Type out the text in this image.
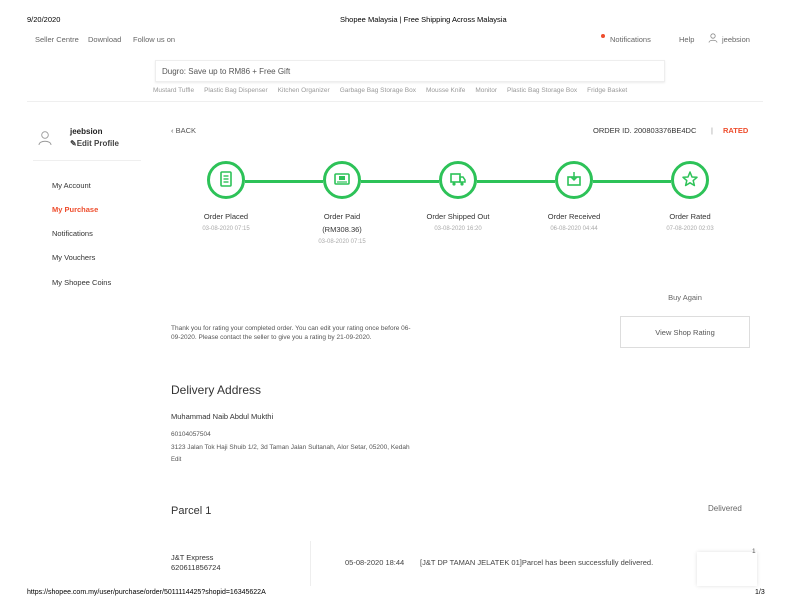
9/20/2020	Shopee Malaysia | Free Shipping Across Malaysia
Seller Centre Download Follow us on	Notifications	Help	jeebsion
Dugro: Save up to RM86 + Free Gift
Mustard Tuffle Plastic Bag Dispenser Kitchen Organizer Garbage Bag Storage Box Mousse Knife Monitor Plastic Bag Storage Box Fridge Basket
jeebsion
✎Edit Profile
My Account
My Purchase
Notifications
My Vouchers
My Shopee Coins
‹ BACK	ORDER ID. 200803376BE4DC | RATED
Order Placed
03-08-2020 07:15
Order Paid
(RM308.36)
03-08-2020 07:15
Order Shipped Out
03-08-2020 16:20
Order Received
06-08-2020 04:44
Order Rated
07-08-2020 02:03
Buy Again
View Shop Rating
Thank you for rating your completed order. You can edit your rating once before 06-09-2020. Please contact the seller to give you a rating by 21-09-2020.
Delivery Address
Muhammad Naib Abdul Mukthi
60104057504
3123 Jalan Tok Haji Shuib 1/2, 3d Taman Jalan Sultanah, Alor Setar, 05200, Kedah
Edit
Parcel 1	Delivered
J&T Express
620611856724
05-08-2020 18:44 [J&T DP TAMAN JELATEK 01]Parcel has been successfully delivered.
1
https://shopee.com.my/user/purchase/order/5011114425?shopid=16345622A	1/3
